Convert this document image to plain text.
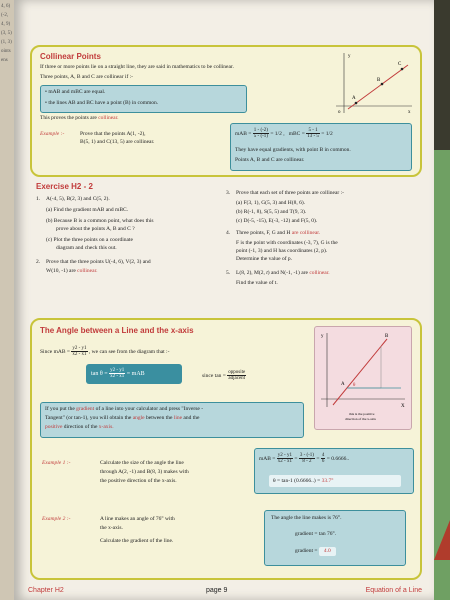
4, 6)
(-2,
4, 9)
(3, 5)
(1, 3)
oints
ens	Collinear Points
If three or more points lie on a straight line, they are said in mathematics to be collinear.
Three points, A, B and C are collinear if :-
• mAB and mBC are equal.
• the lines AB and BC have a point (B) in common.
This proves the points are collinear.
Example :-	Prove that the points A(1, -2),
B(5, 1) and C(13, 5) are collinear.
mAB = $\frac{1 - (-2)}{5 - (-1)} = 1/2$ , mBC = $\frac{5 - 1}{13 - 5} = 1/2$
They have equal gradients, with point B in common.
Points A, B and C are collinear.
y
x
o
A
B
C
Exercise H2 - 2
1. A(-4, 5), B(2, 3) and C(5, 2).
(a) Find the gradient mAB and mBC.
(b) Because B is a common point, what does this
prove about the points A, B and C ?
(c) Plot the three points on a coordinate
diagram and check this out.
2. Prove that the three points U(-4, 6), V(2, 3) and
W(10, -1) are collinear.
3. Prove that each set of three points are collinear :-
(a) F(3, 1), G(5, 3) and H(8, 6).
(b) R(-1, 8), S(5, 5) and T(9, 3).
(c) D(-5, -15), E(-3, -12) and F(5, 0).
4. Three points, F, G and H are collinear.
F is the point with coordinates (-3, 7), G is the
point (-1, 3) and H has coordinates (2, p).
Determine the value of p.
5. L(8, 2), M(2, t) and N(-1, -1) are collinear.
Find the value of t.
The Angle between a Line and the x-axis
Since mAB = $\frac{y2 - y1}{x2 - x1}$ , we can see from the diagram that :-
$\tan \theta = \frac{y2 - y1}{x2 - x1}$ = mAB	since $\tan = \frac{\text{opposite}}{\text{adjacent}}$
If you put the gradient of a line into your calculator and press "Inverse -
Tangent" (or tan-1), you will obtain the angle between the line and the
positive direction of the x-axis.
y	B
A
X
θ
this is the positive
direction of the x-axis
Example 1 :-	Calculate the size of the angle the line
through A(2, -1) and B(8, 3) makes with
the positive direction of the x-axis.
mAB = $\frac{y2 - y1}{x2 - x1} = \frac{3 - (-1)}{8 - 2} = \frac{4}{6} = 0.6666$..
θ = tan-1 (0.6666..) = 33.7°
Example 2 :-	A line makes an angle of 76° with
the x-axis.
Calculate the gradient of the line.
The angle the line makes is 76°.
gradient = tan 76°.
gradient = 4.0
Chapter H2	page 9	Equation of a Line
